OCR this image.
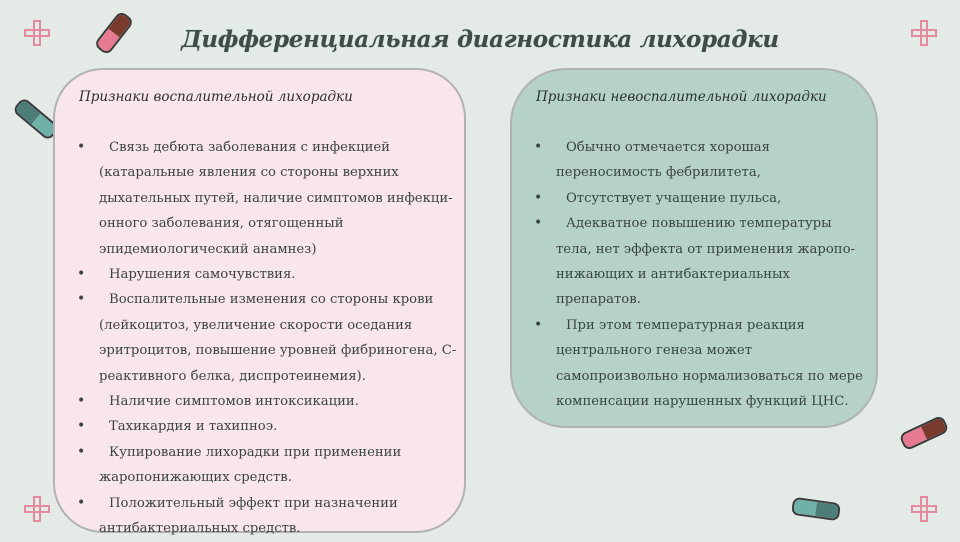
Дифференциальная диагностика лихорадки
Признаки воспалительной лихорадки
•	Связь дебюта заболевания с инфекцией (катаральные явления со стороны верхних дыхательных путей, наличие симптомов инфекци-онного заболевания, отягощенный эпидемиологический анамнез)
•	Нарушения самочувствия.
•	Воспалительные изменения со стороны крови (лейкоцитоз, увеличение скорости оседания эритроцитов, повышение уровней фибриногена, С-реактивного белка, диспротеинемия).
•	Наличие симптомов интоксикации.
•	Тахикардия и тахипноэ.
•	Купирование лихорадки при применении жаропонижающих средств.
•	Положительный эффект при назначении антибактериальных средств.
Признаки невоспалительной лихорадки
•	Обычно отмечается хорошая переносимость фебрилитета,
•	Отсутствует учащение пульса,
•	Адекватное повышению температуры тела, нет эффекта от применения жаропо-нижающих и антибактериальных препаратов.
•	При этом температурная реакция центрального генеза может самопроизвольно нормализоваться по мере компенсации нарушенных функций ЦНС.
